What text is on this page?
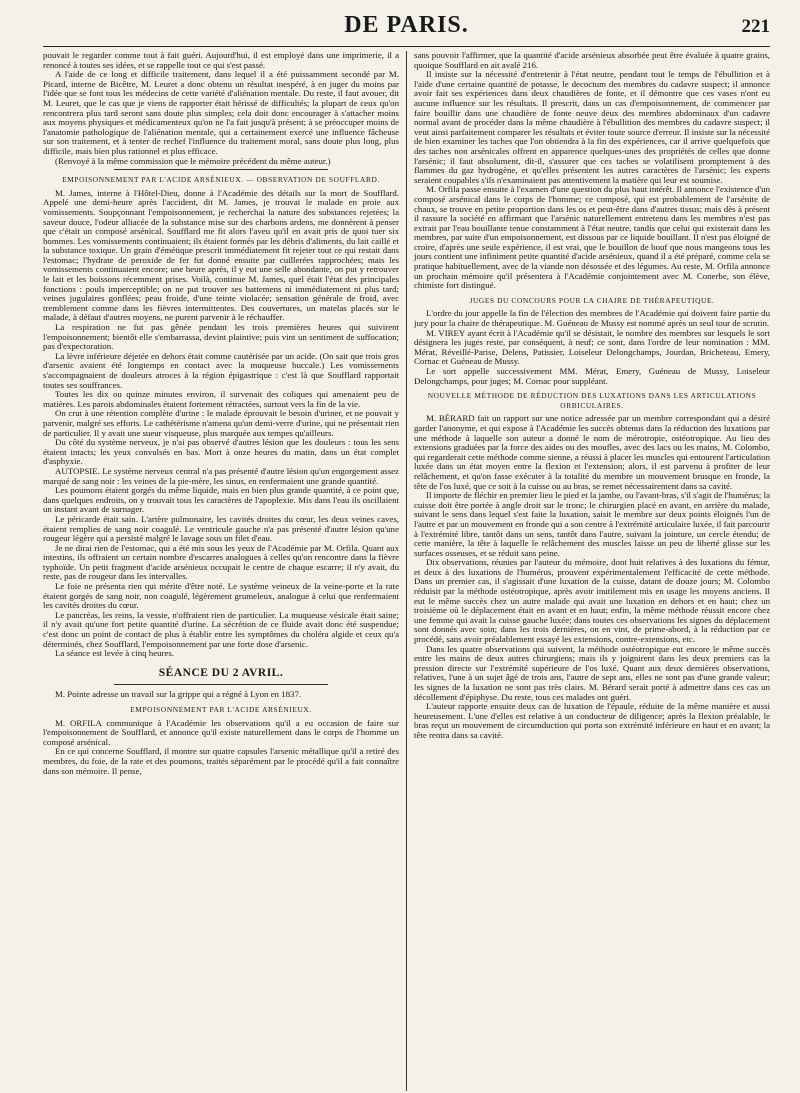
DE PARIS.	221

pouvait le regarder comme tout à fait guéri. Aujourd'hui, il est employé dans une imprimerie, il a renoncé à toutes ses idées, et se rappelle tout ce qui s'est passé.

A l'aide de ce long et difficile traitement, dans lequel il a été puissamment secondé par M. Picard, interne de Bicêtre, M. Leuret a donc obtenu un résultat inespéré, à en juger du moins par l'idée que se font tous les médecins de cette variété d'aliénation mentale. Du reste, il faut avouer, dit M. Leuret, que le cas que je viens de rapporter était hérissé de difficultés; la plupart de ceux qu'on rencontrera plus tard seront sans doute plus simples; cela doit donc encourager à s'attacher moins aux moyens physiques et médicamenteux qu'on ne l'a fait jusqu'à présent; à se préoccuper moins de l'anatomie pathologique de l'aliénation mentale, qui a certainement exercé une influence fâcheuse sur son traitement, et à tenter de rechef l'influence du traitement moral, sans doute plus long, plus difficile, mais bien plus rationnel et plus efficace.

(Renvoyé à la même commission que le mémoire précédent du même auteur.)

EMPOISONNEMENT PAR L'ACIDE ARSÉNIEUX. — OBSERVATION DE SOUFFLARD.

M. James, interne à l'Hôtel-Dieu, donne à l'Académie des détails sur la mort de Soufflard. Appelé une demi-heure après l'accident, dit M. James, je trouvai le malade en proie aux vomissements. Soupçonnant l'empoisonnement, je recherchai la nature des substances rejetées; la saveur douce, l'odeur alliacée de la substance mise sur des charbons ardens, me donnèrent à penser que c'était un composé arsénical. Soufflard me fit alors l'aveu qu'il en avait pris de quoi tuer six hommes. Les vomissements continuaient; ils étaient formés par les débris d'aliments, du lait caillé et la substance toxique. Un grain d'émétique prescrit immédiatement fit rejeter tout ce qui restait dans l'estomac; l'hydrate de peroxide de fer fut donné ensuite par cuillerées rapprochées; mais les vomissements continuaient encore; une heure après, il y eut une selle abondante, on put y retrouver le lait et les boissons récemment prises. Voilà, continue M. James, quel était l'état des principales fonctions : pouls imperceptible; on ne put trouver ses battemens ni immédiatement ni plus tard; veines jugulaires gonflées; peau froide, d'une teinte violacée; sensation générale de froid, avec tremblement comme dans les fièvres intermittentes. Des couvertures, un matelas placés sur le malade, à défaut d'autres moyens, ne purent parvenir à le réchauffer.

La respiration ne fut pas gênée pendant les trois premières heures qui suivirent l'empoisonnement; bientôt elle s'embarrassa, devint plaintive; puis vint un sentiment de suffocation; pas d'expectoration.

La lèvre inférieure déjetée en dehors était comme cautérisée par un acide. (On sait que trois gros d'arsenic avaient été longtemps en contact avec la muqueuse buccale.) Les vomissements s'accompagnaient de douleurs atroces à la région épigastrique : c'est là que Soufflard rapportait toutes ses souffrances.

Toutes les dix ou quinze minutes environ, il survenait des coliques qui amenaient peu de matières. Les parois abdominales étaient fortement rétractées, surtout vers la fin de la vie.

On crut à une rétention complète d'urine : le malade éprouvait le besoin d'uriner, et ne pouvait y parvenir, malgré ses efforts. Le cathétérisme n'amena qu'un demi-verre d'urine, qui ne présentait rien de particulier. Il y avait une sueur visqueuse, plus marquée aux tempes qu'ailleurs.

Du côté du système nerveux, je n'ai pas observé d'autres lésion que les douleurs : tous les sens étaient intacts; les yeux convulsés en bas. Mort à onze heures du matin, dans un état complet d'asphyxie.

AUTOPSIE. Le système nerveux central n'a pas présenté d'autre lésion qu'un engorgement assez marqué de sang noir : les veines de la pie-mère, les sinus, en renfermaient une grande quantité.

Les poumons étaient gorgés du même liquide, mais en bien plus grande quantité, à ce point que, dans quelques endroits, on y trouvait tous les caractères de l'apoplexie. Mis dans l'eau ils oscillaient un instant avant de surnager.

Le péricarde était sain. L'artère pulmonaire, les cavités droites du cœur, les deux veines caves, étaient remplies de sang noir coagulé. Le ventricule gauche n'a pas présenté d'autre lésion qu'une rougeur légère qui a persisté malgré le lavage sous un filet d'eau.

Je ne dirai rien de l'estomac, qui a été mis sous les yeux de l'Académie par M. Orfila. Quant aux intestins, ils offraient un certain nombre d'escarres analogues à celles qu'on rencontre dans la fièvre typhoïde. Un petit fragment d'acide arsénieux occupait le centre de chaque escarre; il n'y avait, du reste, pas de rougeur dans les intervalles.

Le foie ne présenta rien qui mérite d'être noté. Le système veineux de la veine-porte et la rate étaient gorgés de sang noir, non coagulé, légèrement grumeleux, analogue à celui que renfermaient les cavités droites du cœur.

Le pancréas, les reins, la vessie, n'offraient rien de particulier. La muqueuse vésicale était saine; il n'y avait qu'une fort petite quantité d'urine. La sécrétion de ce fluide avait donc été suspendue; c'est donc un point de contact de plus à établir entre les symptômes du choléra algide et ceux qu'a déterminés, chez Soufflard, l'empoisonnement par une forte dose d'arsenic.

La séance est levée à cinq heures.

SÉANCE DU 2 AVRIL.

M. Pointe adresse un travail sur la grippe qui a régné à Lyon en 1837.

EMPOISONNEMENT PAR L'ACIDE ARSÉNIEUX.

M. ORFILA communique à l'Académie les observations qu'il a eu occasion de faire sur l'empoisonnement de Soufflard, et annonce qu'il existe naturellement dans le corps de l'homme un composé arsénical.

En ce qui concerne Soufflard, il montre sur quatre capsules l'arsenic métallique qu'il a retiré des membres, du foie, de la rate et des poumons, traités séparément par le procédé qu'il a fait connaître dans son mémoire. Il pense,

sans pouvoir l'affirmer, que la quantité d'acide arsénieux absorbée peut être évaluée à quatre grains, quoique Soufflard en ait avalé 216.

Il insiste sur la nécessité d'entretenir à l'état neutre, pendant tout le temps de l'ébullition et à l'aide d'une certaine quantité de potasse, le decoctum des membres du cadavre suspect; il annonce avoir fait ses expériences dans deux chaudières de fonte, et il démontre que ces vases n'ont eu aucune influence sur les résultats. Il prescrit, dans un cas d'empoisonnement, de commencer par faire bouillir dans une chaudière de fonte neuve deux des membres abdominaux d'un cadavre normal avant de procéder dans la même chaudière à l'ébullition des membres du cadavre suspect; il veut ainsi parfaitement comparer les résultats et éviter toute source d'erreur. Il insiste sur la nécessité de bien examiner les taches que l'on obtiendra à la fin des expériences, car il arrive quelquefois que des taches non arsénicales offrent en apparence quelques-unes des propriétés de celles que donne l'arsénic; il faut absolument, dit-il, s'assurer que ces taches se volatilisent promptement à des flammes du gaz hydrogène, et qu'elles présentent les autres caractères de l'arsénic; les experts seraient coupables s'ils n'examinaient pas attentivement la matière qui leur est soumise.

M. Orfila passe ensuite à l'examen d'une question du plus haut intérêt. Il annonce l'existence d'un composé arsénical dans le corps de l'homme; ce composé, qui est probablement de l'arsénite de chaux, se trouve en petite proportion dans les os et peut-être dans d'autres tissus; mais dès à présent il rassure la société en affirmant que l'arsénic naturellement entretenu dans les membres n'est pas extrait par l'eau bouillante tenue constamment à l'état neutre, tandis que celui qui existerait dans les membres, par suite d'un empoisonnement, est dissous par ce liquide bouillant. Il n'est pas éloigné de croire, d'après une seule expérience, il est vrai, que le bouillon de bouf que nous mangeons tous les jours contient une infiniment petite quantité d'acide arsénieux, quand il a été préparé, comme cela se pratique habituellement, avec de la viande non désossée et des légumes. Au reste, M. Orfila annonce un prochain mémoire qu'il présentera à l'Académie conjointement avec M. Conerbe, son élève, chimiste fort distingué.

JUGES DU CONCOURS POUR LA CHAIRE DE THÉRAPEUTIQUE.

L'ordre du jour appelle la fin de l'élection des membres de l'Académie qui doivent faire partie du jury pour la chaire de thérapeutique. M. Guéneau de Mussy est nommé après un seul tour de scrutin.

M. VIREY ayant écrit à l'Académie qu'il se désistait, le nombre des membres sur lesquels le sort désignera les juges reste, par conséquent, à neuf; ce sont, dans l'ordre de leur nomination : MM. Mérat, Réveillé-Parise, Delens, Patissier, Loiseleur Delongchamps, Jourdan, Bricheteau, Emery, Cornac et Guéneau de Mussy.

Le sort appelle successivement MM. Mérat, Emery, Guéneau de Mussy, Loiseleur Delongchamps, pour juges; M. Cornac pour suppléant.

NOUVELLE MÉTHODE DE RÉDUCTION DES LUXATIONS DANS LES ARTICULATIONS ORBICULAIRES.

M. BÉRARD fait un rapport sur une notice adressée par un membre correspondant qui a désiré garder l'anonyme, et qui expose à l'Académie les succès obtenus dans la réduction des luxations par une méthode à laquelle son auteur a donné le nom de mérotropie, ostéotropique. Au lieu des extensions graduées par la force des aides ou des moufles, avec des lacs ou les mains, M. Colombo, qui regarderait cette méthode comme sienne, a réussi à placer les muscles qui entourent l'articulation luxée dans un état moyen entre la flexion et l'extension; alors, il est parvenu à profiter de leur relâchement, et qu'on fasse exécuter à la totalité du membre un mouvement brusque en fronde, la tête de l'os luxé, que ce soit à la cuisse ou au bras, se remet nécessairement dans sa cavité.

Il importe de fléchir en premier lieu le pied et la jambe, ou l'avant-bras, s'il s'agit de l'humérus; la cuisse doit être portée à angle droit sur le tronc; le chirurgien placé en avant, en arrière du malade, suivant le sens dans lequel s'est faite la luxation, saisit le membre sur deux points éloignés l'un de l'autre et par un mouvement en fronde qui a son centre à l'extrémité articulaire luxée, il fait parcourir à l'extrémité libre, tantôt dans un sens, tantôt dans l'autre, suivant la jointure, un cercle étendu; de cette manière, la tête à laquelle le relâchement des muscles laisse un peu de liberté glisse sur les surfaces osseuses, et se réduit sans peine.

Dix observations, réunies par l'auteur du mémoire, dont huit relatives à des luxations du fémur, et deux à des luxations de l'humérus, prouvent expérimentalement l'efficacité de cette méthode. Dans un premier cas, il s'agissait d'une luxation de la cuisse, datant de douze jours; M. Colombo réduisit par la méthode ostéotropique, après avoir inutilement mis en usage les moyens anciens. Il eut le même succès chez un autre malade qui avait une luxation en dehors et en haut; chez un troisième où le déplacement était en avant et en haut; enfin, la même méthode réussit encore chez une femme qui avait la cuisse gauche luxée; dans toutes ces observations les signes du déplacement sont donnés avec soin; dans les trois dernières, on en vint, de prime-abord, à la réduction par ce procédé, sans avoir préalablement essayé les extensions, contre-extensions, etc.

Dans les quatre observations qui suivent, la méthode ostéotropique eut encore le même succès entre les mains de deux autres chirurgiens; mais ils y joignirent dans les deux premiers cas la pression directe sur l'extrémité supérieure de l'os luxé. Quant aux deux dernières observations, relatives, l'une à un sujet âgé de trois ans, l'autre de sept ans, elles ne sont pas d'une grande valeur; les signes de la luxation ne sont pas très clairs. M. Bérard serait porté à admettre dans ces cas un décollement d'épiphyse. Du reste, tous ces malades ont guéri.

L'auteur rapporte ensuite deux cas de luxation de l'épaule, réduite de la même manière et aussi heureusement. L'une d'elles est relative à un conducteur de diligence; après la flexion préalable, le bras reçut un mouvement de circumduction qui porta son extrémité inférieure en haut et en avant; la tête rentra dans sa cavité.
